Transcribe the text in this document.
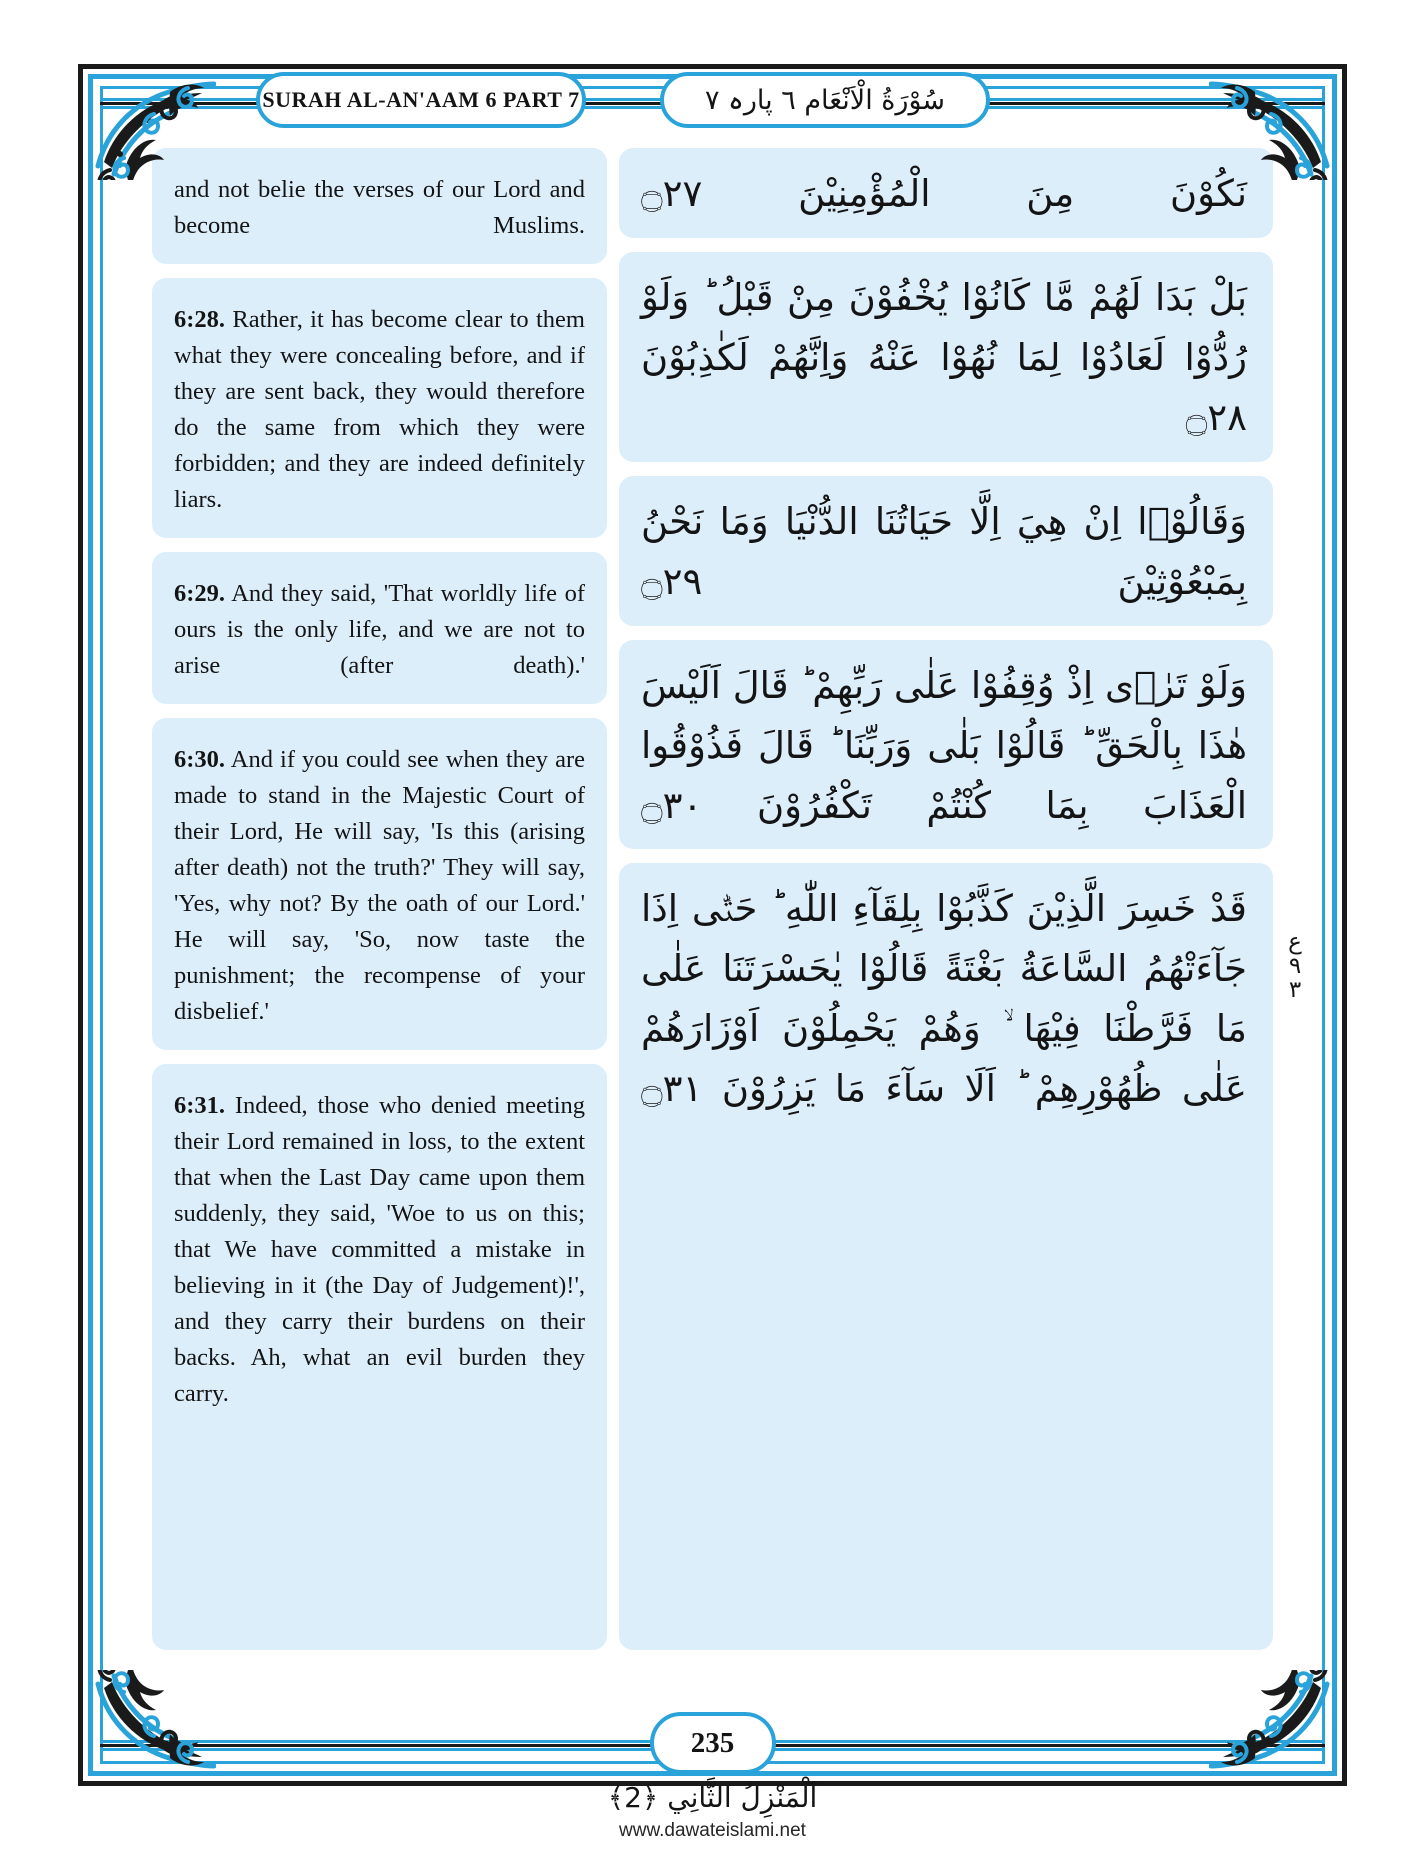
SURAH AL-AN'AAM 6 PART 7	سُوْرَةُ الْاَنْعَام ٦ پارہ ٧
and not belie the verses of our Lord and become Muslims.
6:28. Rather, it has become clear to them what they were concealing before, and if they are sent back, they would therefore do the same from which they were forbidden; and they are indeed definitely liars.
6:29. And they said, 'That worldly life of ours is the only life, and we are not to arise (after death).'
6:30. And if you could see when they are made to stand in the Majestic Court of their Lord, He will say, 'Is this (arising after death) not the truth?' They will say, 'Yes, why not? By the oath of our Lord.' He will say, 'So, now taste the punishment; the recompense of your disbelief.'
6:31. Indeed, those who denied meeting their Lord remained in loss, to the extent that when the Last Day came upon them suddenly, they said, 'Woe to us on this; that We have committed a mistake in believing in it (the Day of Judgement)!', and they carry their burdens on their backs. Ah, what an evil burden they carry.
نَكُوْنَ مِنَ الْمُؤْمِنِيْنَ ۝۲۷
بَلْ بَدَا لَهُمْ مَّا كَانُوْا يُخْفُوْنَ مِنْ قَبْلُ ؕ وَلَوْ رُدُّوْا لَعَادُوْا لِمَا نُهُوْا عَنْهُ وَاِنَّهُمْ لَكٰذِبُوْنَ ۝۲۸
وَقَالُوْۤا اِنْ هِيَ اِلَّا حَيَاتُنَا الدُّنْيَا وَمَا نَحْنُ بِمَبْعُوْثِيْنَ ۝۲۹
وَلَوْ تَرٰۤى اِذْ وُقِفُوْا عَلٰى رَبِّهِمْ ؕ قَالَ اَلَيْسَ هٰذَا بِالْحَقِّ ؕ قَالُوْا بَلٰى وَرَبِّنَا ؕ قَالَ فَذُوْقُوا الْعَذَابَ بِمَا كُنْتُمْ تَكْفُرُوْنَ ۝۳۰
قَدْ خَسِرَ الَّذِيْنَ كَذَّبُوْا بِلِقَآءِ اللّٰهِ ؕ حَتّٰۤى اِذَا جَآءَتْهُمُ السَّاعَةُ بَغْتَةً قَالُوْا يٰحَسْرَتَنَا عَلٰى مَا فَرَّطْنَا فِيْهَا ۙ وَهُمْ يَحْمِلُوْنَ اَوْزَارَهُمْ عَلٰى ظُهُوْرِهِمْ ؕ اَلَا سَآءَ مَا يَزِرُوْنَ ۝۳۱
ع
٩
٣
235
اَلْمَنْزِلُ الثَّانِي ﴿2﴾
www.dawateislami.net
